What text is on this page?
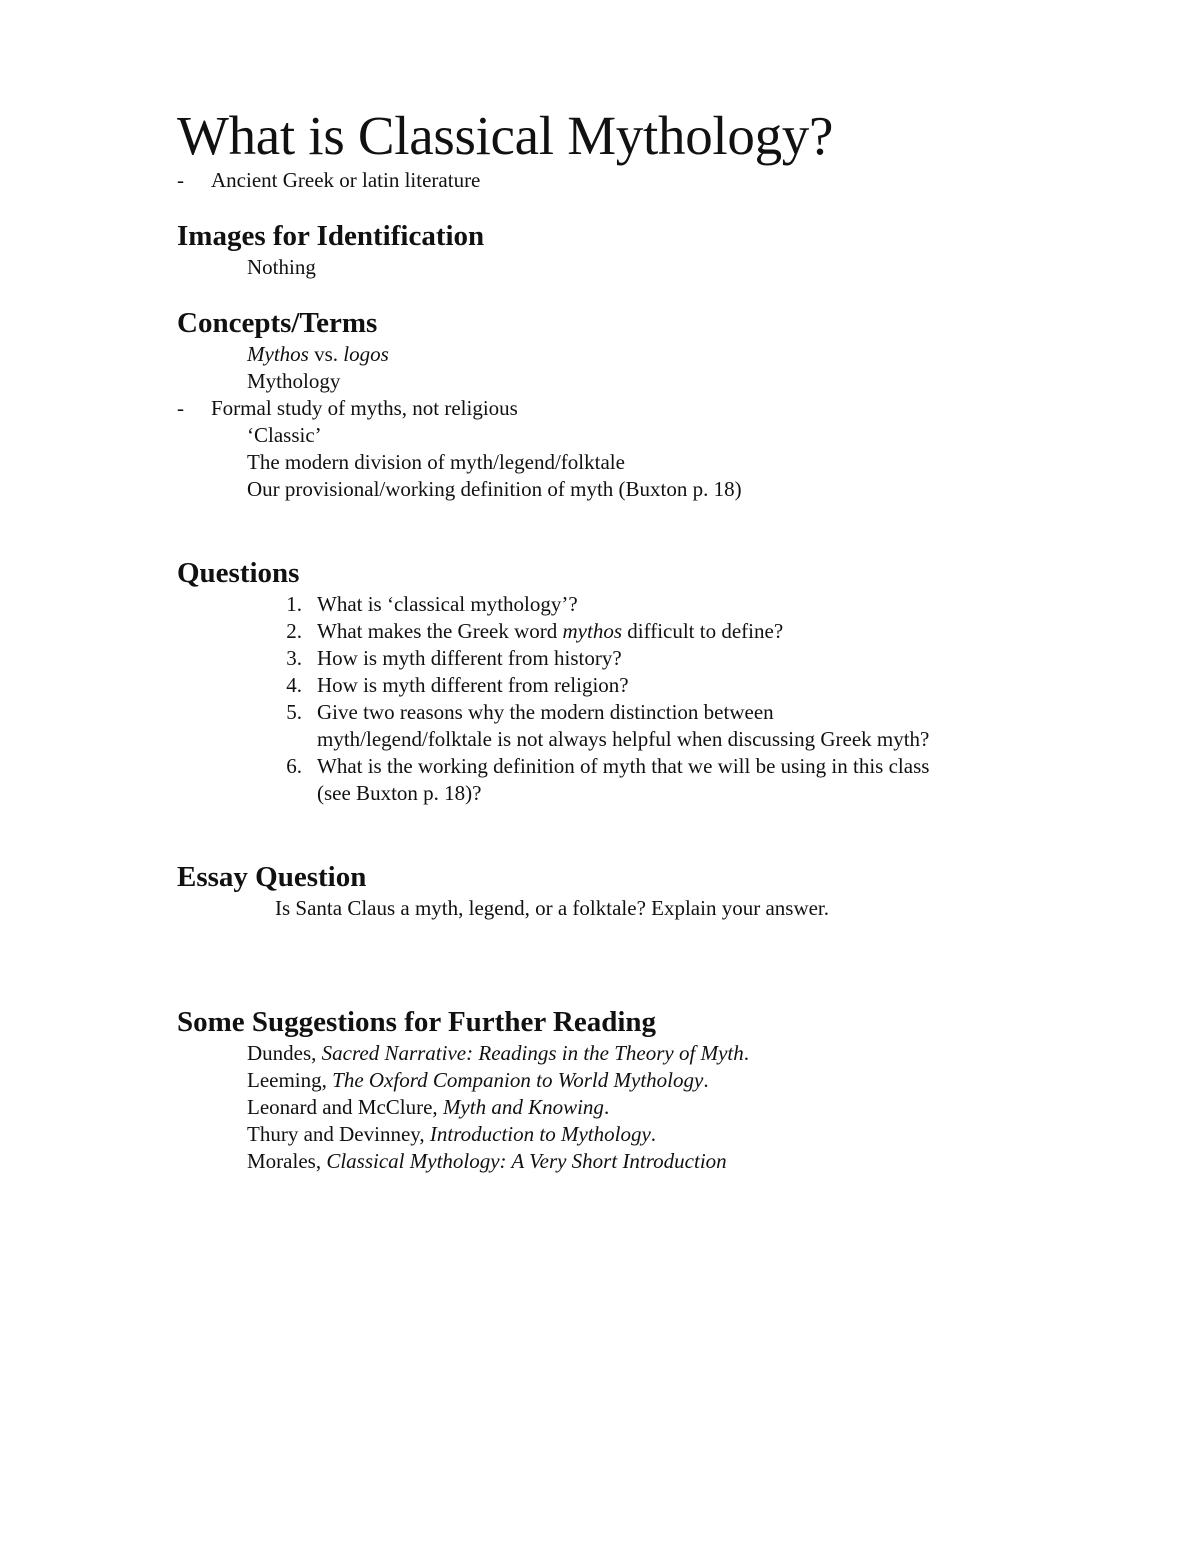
What is Classical Mythology?
- Ancient Greek or latin literature
Images for Identification
Nothing
Concepts/Terms
Mythos vs. logos
Mythology
- Formal study of myths, not religious
‘Classic’
The modern division of myth/legend/folktale
Our provisional/working definition of myth (Buxton p. 18)
Questions
1. What is ‘classical mythology’?
2. What makes the Greek word mythos difficult to define?
3. How is myth different from history?
4. How is myth different from religion?
5. Give two reasons why the modern distinction between
myth/legend/folktale is not always helpful when discussing Greek myth?
6. What is the working definition of myth that we will be using in this class
(see Buxton p. 18)?
Essay Question
Is Santa Claus a myth, legend, or a folktale? Explain your answer.
Some Suggestions for Further Reading
Dundes, Sacred Narrative: Readings in the Theory of Myth.
Leeming, The Oxford Companion to World Mythology.
Leonard and McClure, Myth and Knowing.
Thury and Devinney, Introduction to Mythology.
Morales, Classical Mythology: A Very Short Introduction
